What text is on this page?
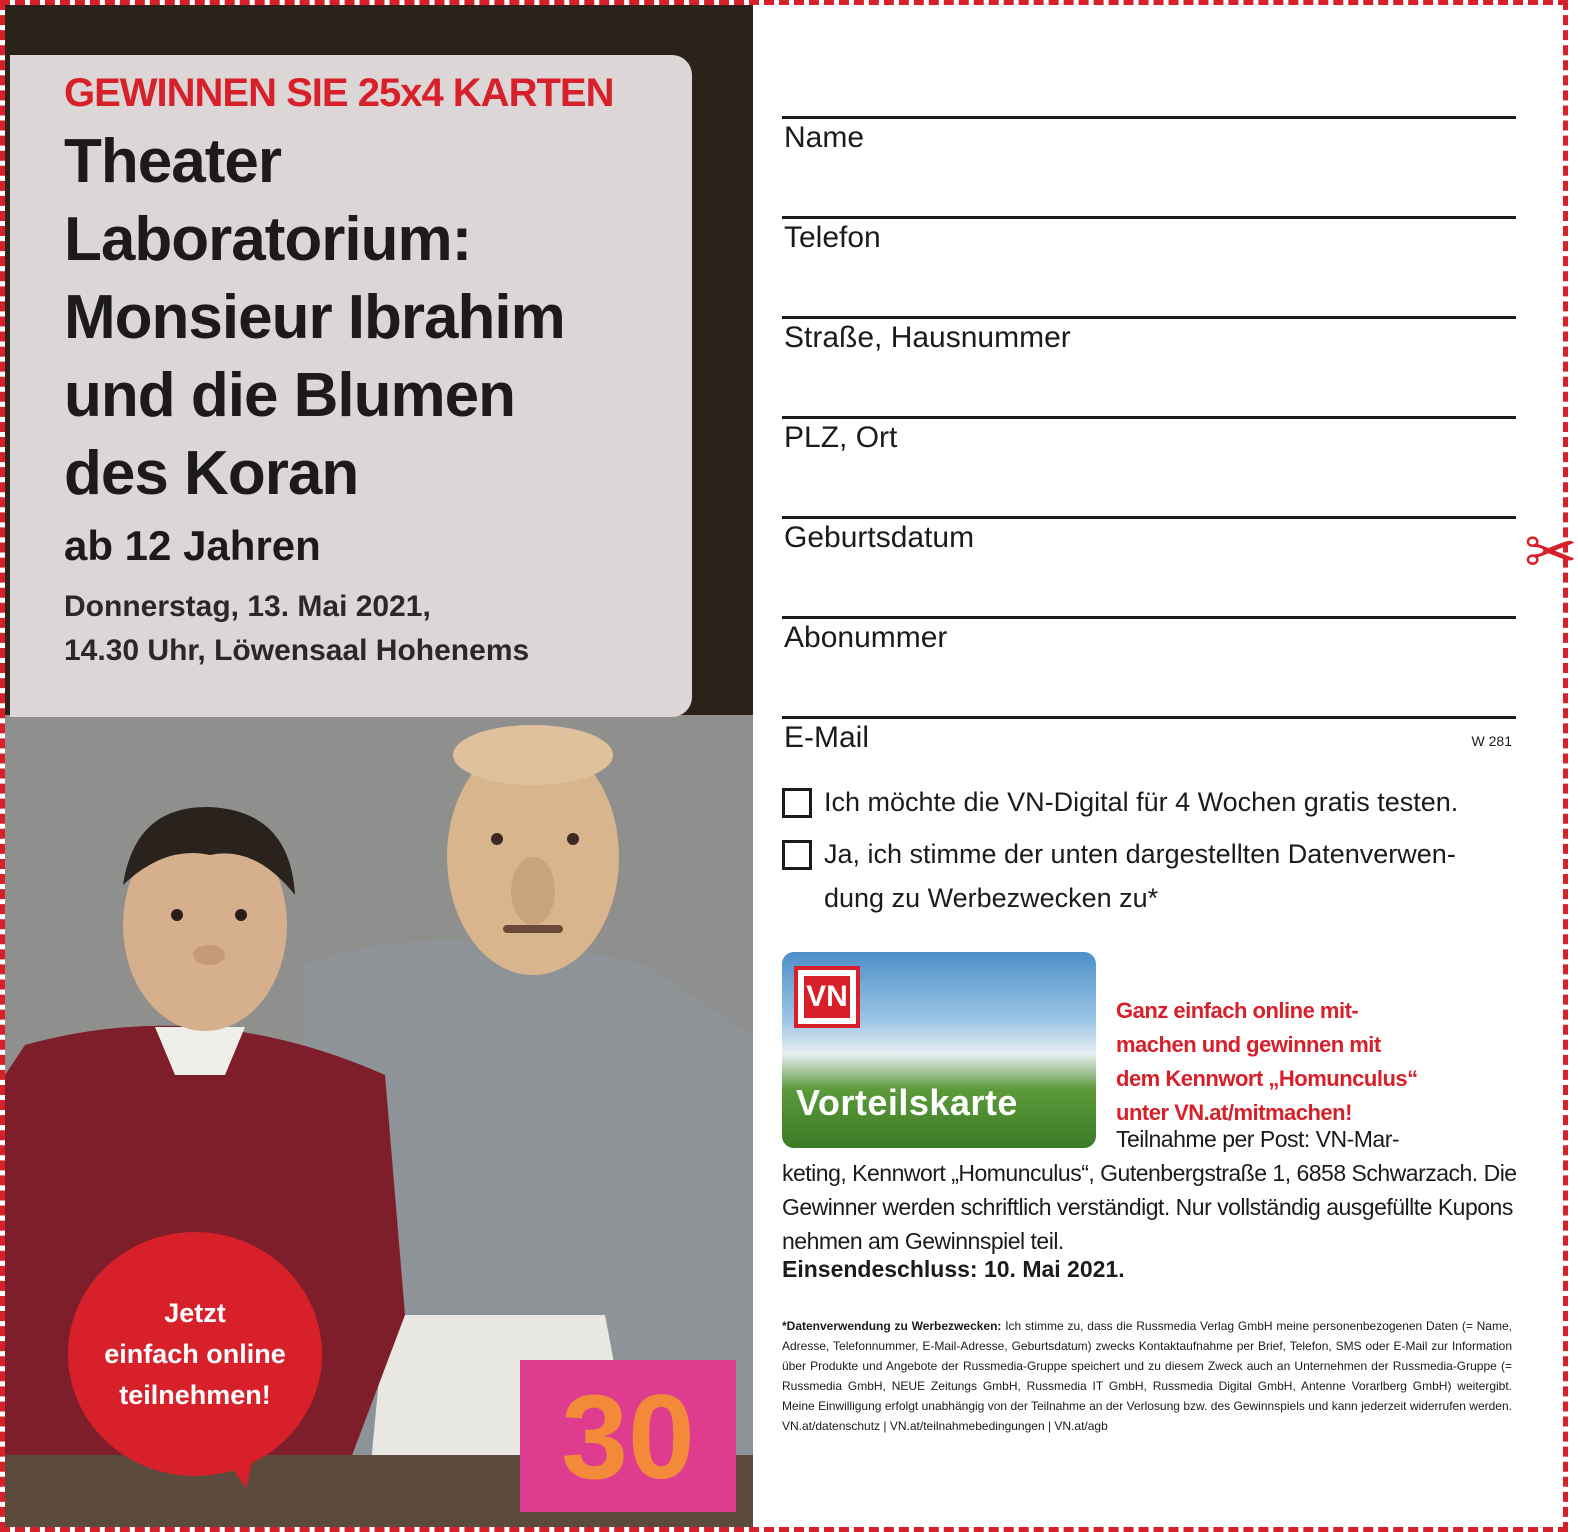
✂

GEWINNEN SIE 25x4 KARTEN

Theater
Laboratorium:
Monsieur Ibrahim
und die Blumen
des Koran

ab 12 Jahren

Donnerstag, 13. Mai 2021,
14.30 Uhr, Löwensaal Hohenems
Jetzt
einfach online
teilnehmen!	30
Name
Telefon
Straße, Hausnummer
PLZ, Ort
Geburtsdatum
Abonummer
E-Mail	W 281
Ich möchte die VN-Digital für 4 Wochen gratis testen.
Ja, ich stimme der unten dargestellten Datenverwen-
dung zu Werbezwecken zu*
VN
Vorteilskarte
Ganz einfach online mit-
machen und gewinnen mit
dem Kennwort „Homunculus“
unter VN.at/mitmachen!
Teilnahme per Post: VN-Mar-
keting, Kennwort „Homunculus“, Gutenbergstraße 1, 6858 Schwarzach. Die Gewinner werden schriftlich verständigt. Nur vollständig ausgefüllte Kupons nehmen am Gewinnspiel teil.
Einsendeschluss: 10. Mai 2021.
*Datenverwendung zu Werbezwecken: Ich stimme zu, dass die Russmedia Verlag GmbH meine personenbezogenen Daten (= Name, Adresse, Telefonnummer, E-Mail-Adresse, Geburtsdatum) zwecks Kontaktaufnahme per Brief, Telefon, SMS oder E-Mail zur Information über Produkte und Angebote der Russmedia-Gruppe speichert und zu diesem Zweck auch an Unternehmen der Russmedia-Gruppe (= Russmedia GmbH, NEUE Zeitungs GmbH, Russmedia IT GmbH, Russmedia Digital GmbH, Antenne Vorarlberg GmbH) weitergibt. Meine Einwilligung erfolgt unabhängig von der Teilnahme an der Verlosung bzw. des Gewinnspiels und kann jederzeit widerrufen werden. VN.at/datenschutz | VN.at/teilnahmebedingungen | VN.at/agb
